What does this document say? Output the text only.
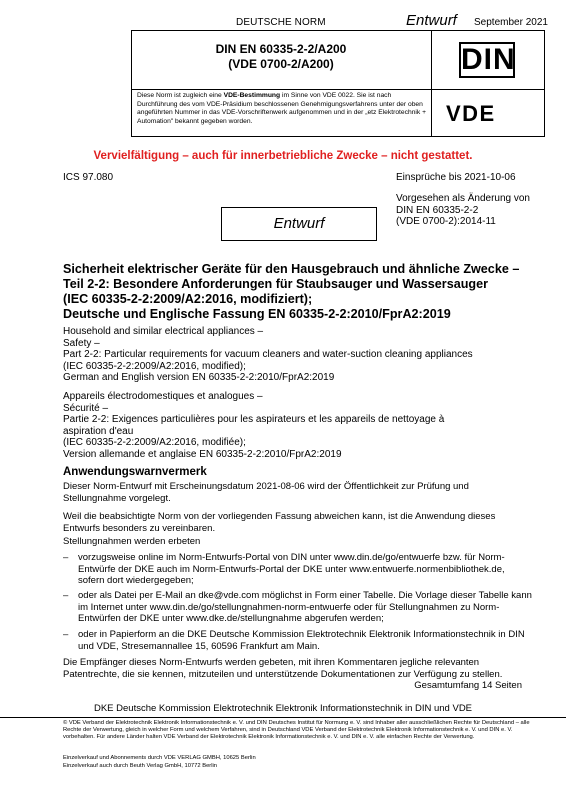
DEUTSCHE NORM	Entwurf September 2021
DIN EN 60335-2-2/A200
(VDE 0700-2/A200)	DIN
Diese Norm ist zugleich eine VDE-Bestimmung im Sinne von VDE 0022. Sie ist nach Durchführung des vom VDE-Präsidium beschlossenen Genehmigungsverfahrens unter der oben angeführten Nummer in das VDE-Vorschriftenwerk aufgenommen und in der „etz Elektrotechnik + Automation" bekannt gegeben worden.	VDE
Vervielfältigung – auch für innerbetriebliche Zwecke – nicht gestattet.
ICS 97.080	Einsprüche bis 2021-10-06
Vorgesehen als Änderung von
DIN EN 60335-2-2
(VDE 0700-2):2014-11
Entwurf
Sicherheit elektrischer Geräte für den Hausgebrauch und ähnliche Zwecke –
Teil 2-2: Besondere Anforderungen für Staubsauger und Wassersauger
(IEC 60335-2-2:2009/A2:2016, modifiziert);
Deutsche und Englische Fassung EN 60335-2-2:2010/FprA2:2019
Household and similar electrical appliances –
Safety –
Part 2-2: Particular requirements for vacuum cleaners and water-suction cleaning appliances
(IEC 60335-2-2:2009/A2:2016, modified);
German and English version EN 60335-2-2:2010/FprA2:2019
Appareils électrodomestiques et analogues –
Sécurité –
Partie 2-2: Exigences particulières pour les aspirateurs et les appareils de nettoyage à
aspiration d'eau
(IEC 60335-2-2:2009/A2:2016, modifiée);
Version allemande et anglaise EN 60335-2-2:2010/FprA2:2019
Anwendungswarnvermerk
Dieser Norm-Entwurf mit Erscheinungsdatum 2021-08-06 wird der Öffentlichkeit zur Prüfung und Stellungnahme vorgelegt.
Weil die beabsichtigte Norm von der vorliegenden Fassung abweichen kann, ist die Anwendung dieses Entwurfs besonders zu vereinbaren.
Stellungnahmen werden erbeten
– vorzugsweise online im Norm-Entwurfs-Portal von DIN unter www.din.de/go/entwuerfe bzw. für Norm-Entwürfe der DKE auch im Norm-Entwurfs-Portal der DKE unter www.entwuerfe.normenbibliothek.de, sofern dort wiedergegeben;
– oder als Datei per E-Mail an dke@vde.com möglichst in Form einer Tabelle. Die Vorlage dieser Tabelle kann im Internet unter www.din.de/go/stellungnahmen-norm-entwuerfe oder für Stellungnahmen zu Norm-Entwürfen der DKE unter www.dke.de/stellungnahme abgerufen werden;
– oder in Papierform an die DKE Deutsche Kommission Elektrotechnik Elektronik Informationstechnik in DIN und VDE, Stresemannallee 15, 60596 Frankfurt am Main.
Die Empfänger dieses Norm-Entwurfs werden gebeten, mit ihren Kommentaren jegliche relevanten Patentrechte, die sie kennen, mitzuteilen und unterstützende Dokumentationen zur Verfügung zu stellen.
Gesamtumfang 14 Seiten
DKE Deutsche Kommission Elektrotechnik Elektronik Informationstechnik in DIN und VDE
© VDE Verband der Elektrotechnik Elektronik Informationstechnik e. V. und DIN Deutsches Institut für Normung e. V. sind Inhaber aller ausschließlichen Rechte für Deutschland – alle Rechte der Verwertung, gleich in welcher Form und welchem Verfahren, sind in Deutschland VDE Verband der Elektrotechnik Elektronik Informationstechnik e. V. und DIN e. V. vorbehalten. Für andere Länder halten VDE Verband der Elektrotechnik Elektronik Informationstechnik e. V. und DIN e. V. alle einfachen Rechte der Verwertung.
Einzelverkauf und Abonnements durch VDE VERLAG GMBH, 10625 Berlin
Einzelverkauf auch durch Beuth Verlag GmbH, 10772 Berlin
